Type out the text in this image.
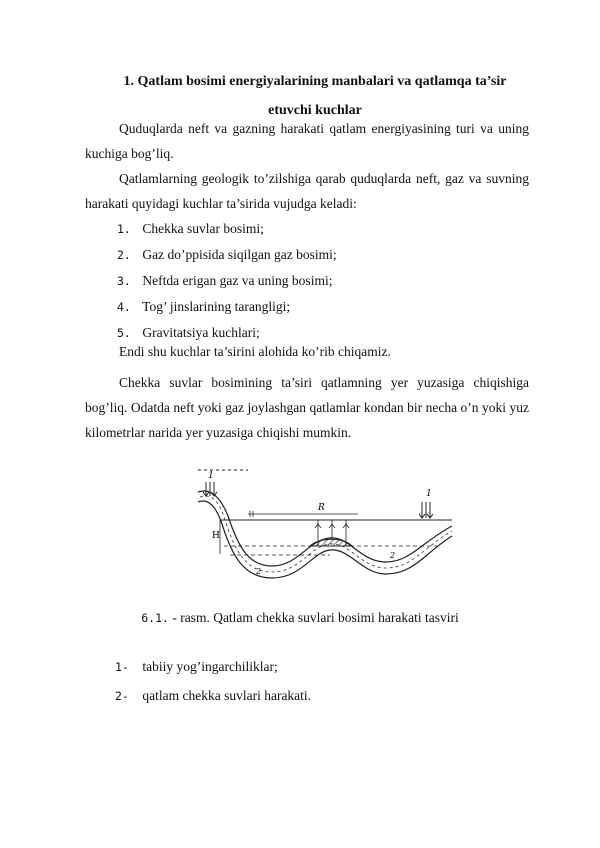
1. Qatlam bosimi energiyalarining manbalari va qatlamqa ta’sir
etuvchi kuchlar

Quduqlarda neft va gazning harakati qatlam energiyasining turi va uning kuchiga bog’liq.

Qatlamlarning geologik to’zilshiga qarab quduqlarda neft, gaz va suvning harakati quyidagi kuchlar ta’sirida vujudga keladi:

1. Chekka suvlar bosimi;
2. Gaz do’ppisida siqilgan gaz bosimi;
3. Neftda erigan gaz va uning bosimi;
4. Tog’ jinslarining tarangligi;
5. Gravitatsiya kuchlari;
Endi shu kuchlar ta’sirini alohida ko’rib chiqamiz.

Chekka suvlar bosimining ta’siri qatlamning yer yuzasiga chiqishiga bog’liq. Odatda neft yoki gaz joylashgan qatlamlar kondan bir necha o’n yoki yuz kilometrlar narida yer yuzasiga chiqishi mumkin.

1
1
R
H
2
2
6.1. - rasm. Qatlam chekka suvlari bosimi harakati tasviri
1- tabiiy yog’ingarchiliklar;
2- qatlam chekka suvlari harakati.
